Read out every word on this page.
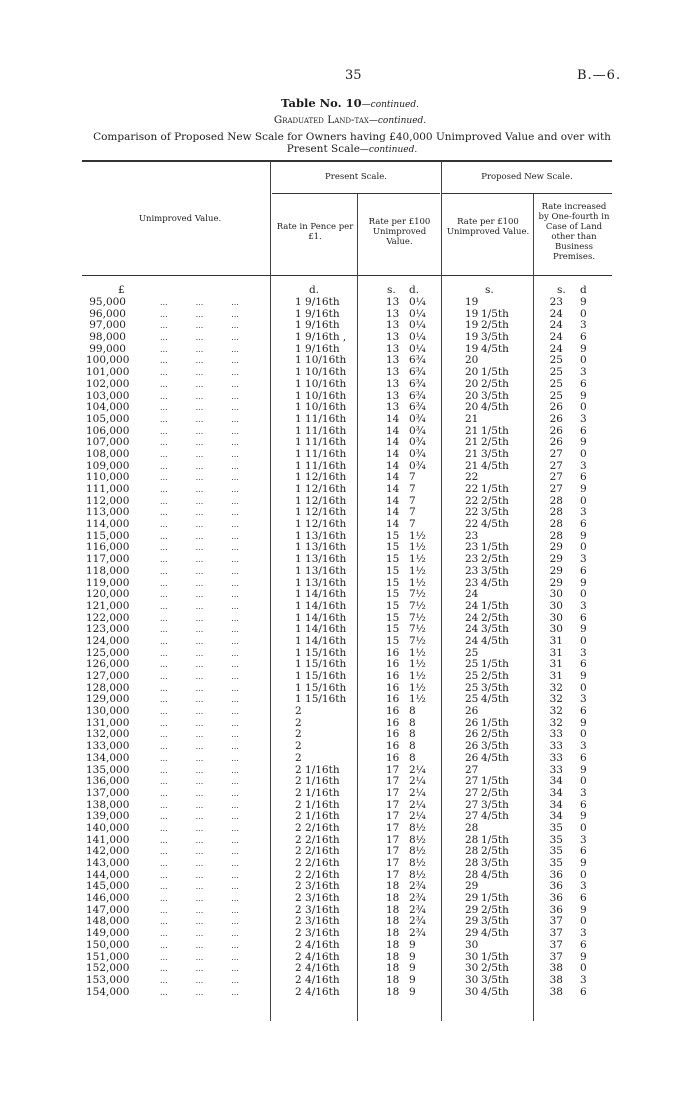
35	B.—6.
Table No. 10—continued.
Graduated Land-tax—continued.
Comparison of Proposed New Scale for Owners having £40,000 Unimproved Value and over with Present Scale—continued.
Unimproved Value.
Present Scale.	Proposed New Scale.
Rate in Pence per £1.
Rate per £100 Unimproved Value.
Rate per £100 Unimproved Value.
Rate increased by One-fourth in Case of Land other than Business Premises.
£	d.	s. d.	s.	s. d
95,000	...           ...           ...	1 9/16th	13 0¼	19	23 9
96,000	...           ...           ...	1 9/16th	13 0¼	19 1/5th	24 0
97,000	...           ...           ...	1 9/16th	13 0¼	19 2/5th	24 3
98,000	...           ...           ...	1 9/16th ,	13 0¼	19 3/5th	24 6
99,000	...           ...           ...	1 9/16th	13 0¼	19 4/5th	24 9
100,000	...           ...           ...	1 10/16th	13 6¾	20	25 0
101,000	...           ...           ...	1 10/16th	13 6¾	20 1/5th	25 3
102,000	...           ...           ...	1 10/16th	13 6¾	20 2/5th	25 6
103,000	...           ...           ...	1 10/16th	13 6¾	20 3/5th	25 9
104,000	...           ...           ...	1 10/16th	13 6¾	20 4/5th	26 0
105,000	...           ...           ...	1 11/16th	14 0¾	21	26 3
106,000	...           ...           ...	1 11/16th	14 0¾	21 1/5th	26 6
107,000	...           ...           ...	1 11/16th	14 0¾	21 2/5th	26 9
108,000	...           ...           ...	1 11/16th	14 0¾	21 3/5th	27 0
109,000	...           ...           ...	1 11/16th	14 0¾	21 4/5th	27 3
110,000	...           ...           ...	1 12/16th	14 7	22	27 6
111,000	...           ...           ...	1 12/16th	14 7	22 1/5th	27 9
112,000	...           ...           ...	1 12/16th	14 7	22 2/5th	28 0
113,000	...           ...           ...	1 12/16th	14 7	22 3/5th	28 3
114,000	...           ...           ...	1 12/16th	14 7	22 4/5th	28 6
115,000	...           ...           ...	1 13/16th	15 1½	23	28 9
116,000	...           ...           ...	1 13/16th	15 1½	23 1/5th	29 0
117,000	...           ...           ...	1 13/16th	15 1½	23 2/5th	29 3
118,000	...           ...           ...	1 13/16th	15 1½	23 3/5th	29 6
119,000	...           ...           ...	1 13/16th	15 1½	23 4/5th	29 9
120,000	...           ...           ...	1 14/16th	15 7½	24	30 0
121,000	...           ...           ...	1 14/16th	15 7½	24 1/5th	30 3
122,000	...           ...           ...	1 14/16th	15 7½	24 2/5th	30 6
123,000	...           ...           ...	1 14/16th	15 7½	24 3/5th	30 9
124,000	...           ...           ...	1 14/16th	15 7½	24 4/5th	31 0
125,000	...           ...           ...	1 15/16th	16 1½	25	31 3
126,000	...           ...           ...	1 15/16th	16 1½	25 1/5th	31 6
127,000	...           ...           ...	1 15/16th	16 1½	25 2/5th	31 9
128,000	...           ...           ...	1 15/16th	16 1½	25 3/5th	32 0
129,000	...           ...           ...	1 15/16th	16 1½	25 4/5th	32 3
130,000	...           ...           ...	2	16 8	26	32 6
131,000	...           ...           ...	2	16 8	26 1/5th	32 9
132,000	...           ...           ...	2	16 8	26 2/5th	33 0
133,000	...           ...           ...	2	16 8	26 3/5th	33 3
134,000	...           ...           ...	2	16 8	26 4/5th	33 6
135,000	...           ...           ...	2 1/16th	17 2¼	27	33 9
136,000	...           ...           ...	2 1/16th	17 2¼	27 1/5th	34 0
137,000	...           ...           ...	2 1/16th	17 2¼	27 2/5th	34 3
138,000	...           ...           ...	2 1/16th	17 2¼	27 3/5th	34 6
139,000	...           ...           ...	2 1/16th	17 2¼	27 4/5th	34 9
140,000	...           ...           ...	2 2/16th	17 8½	28	35 0
141,000	...           ...           ...	2 2/16th	17 8½	28 1/5th	35 3
142,000	...           ...           ...	2 2/16th	17 8½	28 2/5th	35 6
143,000	...           ...           ...	2 2/16th	17 8½	28 3/5th	35 9
144,000	...           ...           ...	2 2/16th	17 8½	28 4/5th	36 0
145,000	...           ...           ...	2 3/16th	18 2¾	29	36 3
146,000	...           ...           ...	2 3/16th	18 2¾	29 1/5th	36 6
147,000	...           ...           ...	2 3/16th	18 2¾	29 2/5th	36 9
148,000	...           ...           ...	2 3/16th	18 2¾	29 3/5th	37 0
149,000	...           ...           ...	2 3/16th	18 2¾	29 4/5th	37 3
150,000	...           ...           ...	2 4/16th	18 9	30	37 6
151,000	...           ...           ...	2 4/16th	18 9	30 1/5th	37 9
152,000	...           ...           ...	2 4/16th	18 9	30 2/5th	38 0
153,000	...           ...           ...	2 4/16th	18 9	30 3/5th	38 3
154,000	...           ...           ...	2 4/16th	18 9	30 4/5th	38 6
